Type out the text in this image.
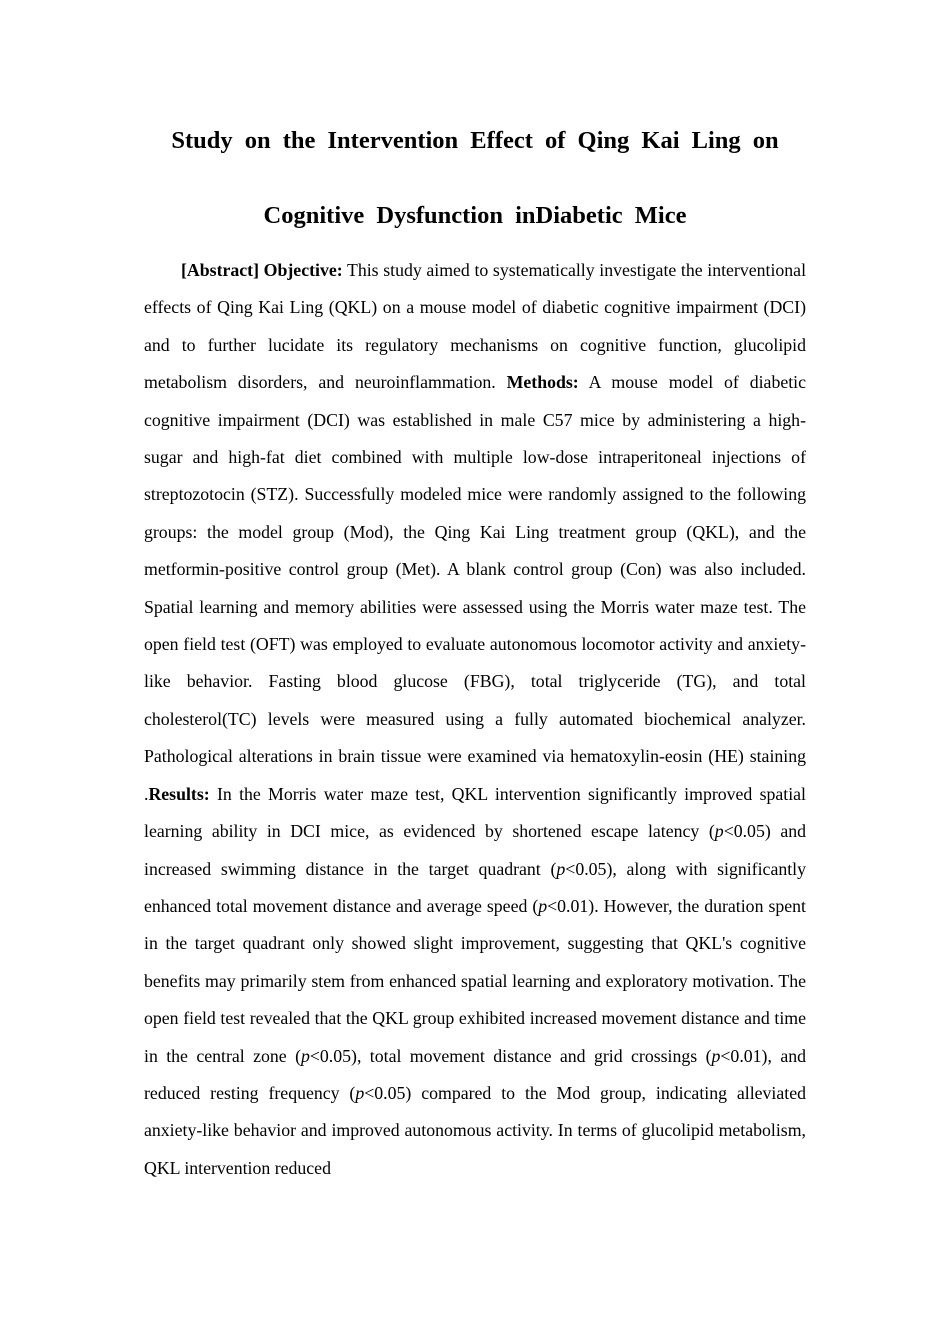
Study on the Intervention Effect of Qing Kai Ling on
Cognitive Dysfunction inDiabetic Mice

[Abstract] Objective: This study aimed to systematically investigate the interventional effects of Qing Kai Ling (QKL) on a mouse model of diabetic cognitive impairment (DCI) and to further lucidate its regulatory mechanisms on cognitive function, glucolipid metabolism disorders, and neuroinflammation. Methods: A mouse model of diabetic cognitive impairment (DCI) was established in male C57 mice by administering a high-sugar and high-fat diet combined with multiple low-dose intraperitoneal injections of streptozotocin (STZ). Successfully modeled mice were randomly assigned to the following groups: the model group (Mod), the Qing Kai Ling treatment group (QKL), and the metformin-positive control group (Met). A blank control group (Con) was also included. Spatial learning and memory abilities were assessed using the Morris water maze test. The open field test (OFT) was employed to evaluate autonomous locomotor activity and anxiety-like behavior. Fasting blood glucose (FBG), total triglyceride (TG), and total cholesterol(TC) levels were measured using a fully automated biochemical analyzer. Pathological alterations in brain tissue were examined via hematoxylin-eosin (HE) staining .Results: In the Morris water maze test, QKL intervention significantly improved spatial learning ability in DCI mice, as evidenced by shortened escape latency (p<0.05) and increased swimming distance in the target quadrant (p<0.05), along with significantly enhanced total movement distance and average speed (p<0.01). However, the duration spent in the target quadrant only showed slight improvement, suggesting that QKL's cognitive benefits may primarily stem from enhanced spatial learning and exploratory motivation. The open field test revealed that the QKL group exhibited increased movement distance and time in the central zone (p<0.05), total movement distance and grid crossings (p<0.01), and reduced resting frequency (p<0.05) compared to the Mod group, indicating alleviated anxiety-like behavior and improved autonomous activity. In terms of glucolipid metabolism, QKL intervention reduced
